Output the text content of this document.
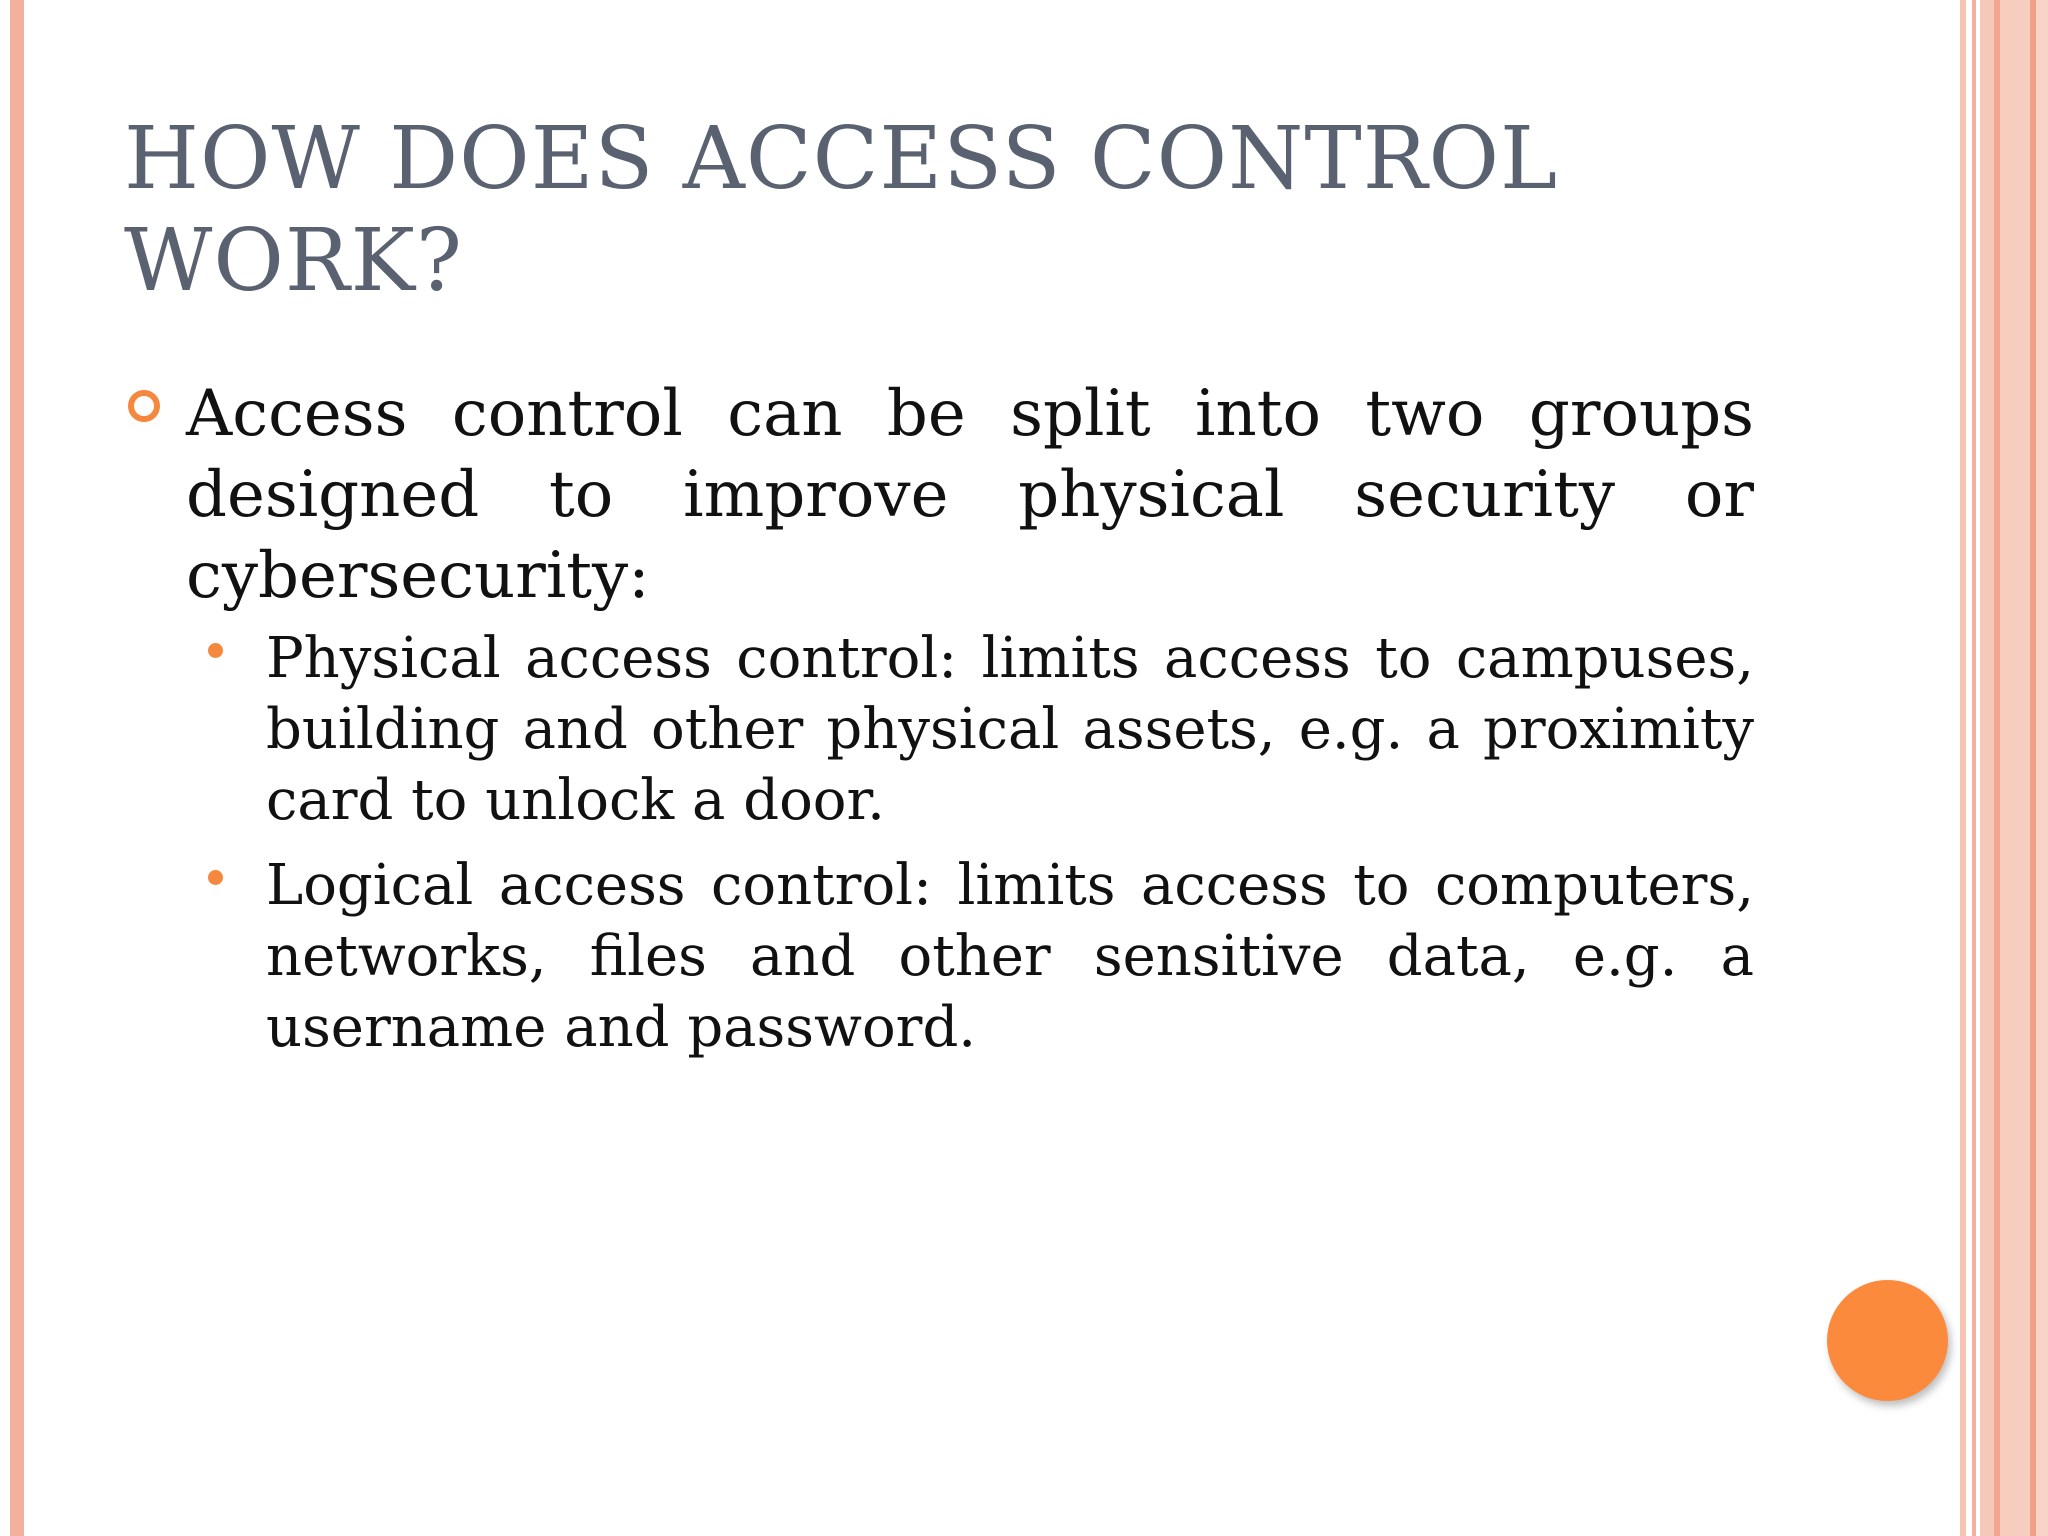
HOW DOES ACCESS CONTROL WORK?

Access control can be split into two groups designed to improve physical security or cybersecurity:

Physical access control: limits access to campuses, building and other physical assets, e.g. a proximity card to unlock a door.
Logical access control: limits access to computers, networks, files and other sensitive data, e.g. a username and password.
